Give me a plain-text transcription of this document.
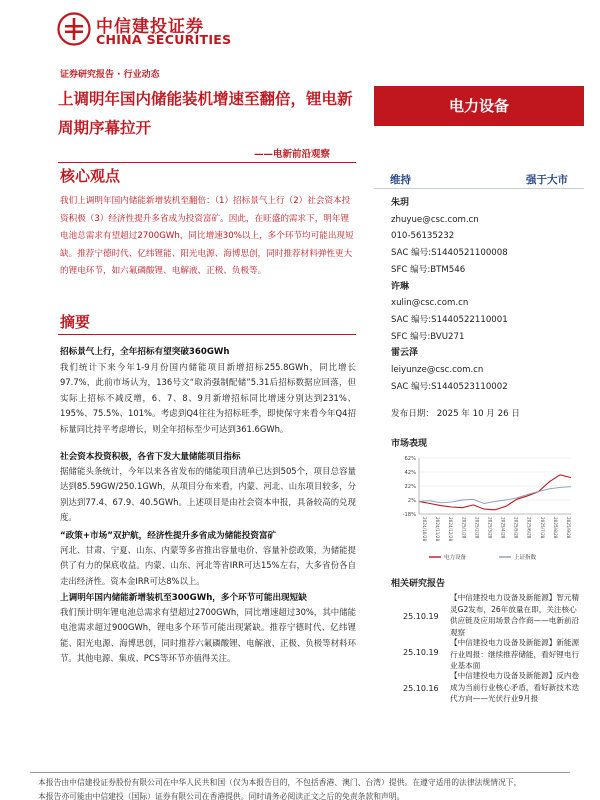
中信建投证券
CHINA SECURITIES
证券研究报告 · 行业动态
上调明年国内储能装机增速至翻倍，锂电新周期序幕拉开
——电新前沿观察
核心观点
我们上调明年国内储能新增装机至翻倍：（1）招标景气上行（2）社会资本投资积极（3）经济性提升多省成为投资富矿。因此，在旺盛的需求下，明年锂电池总需求有望超过2700GWh，同比增速30%以上，多个环节均可能出现短缺。推荐宁德时代、亿纬锂能、阳光电源、海博思创，同时推荐材料弹性更大的锂电环节，如六氟磷酸锂、电解液、正极、负极等。
摘要
招标景气上行，全年招标有望突破360GWh
我们统计下来今年1-9月份国内储能项目新增招标255.8GWh，同比增长97.7%，此前市场认为，136号文“取消强制配储”5.31后招标数据应回落，但实际上招标不减反增，6、7、8、9月新增招标同比增速分别达到231%、195%、75.5%、101%。考虑到Q4往往为招标旺季，即使保守来看今年Q4招标量同比持平考虑增长，则全年招标至少可达到361.6GWh。
社会资本投资积极，各省下发大量储能项目指标
据储能头条统计，今年以来各省发布的储能项目清单已达到505个，项目总容量达到85.59GW/250.1GWh，从项目分布来看，内蒙、河北、山东项目较多，分别达到77.4、67.9、40.5GWh。上述项目是由社会资本申报，具备较高的兑现度。
“政策+市场”双护航，经济性提升多省成为储能投资富矿
河北、甘肃、宁夏、山东、内蒙等多省推出容量电价、容量补偿政策，为储能提供了有力的保底收益。内蒙、山东、河北等省IRR可达15%左右，大多省份各自走出经济性。资本金IRR可达8%以上。
上调明年国内储能新增装机至300GWh，多个环节可能出现短缺
我们预计明年锂电池总需求有望超过2700GWh，同比增速超过30%，其中储能电池需求超过900GWh，锂电多个环节可能出现紧缺。推荐宁德时代、亿纬锂能、阳光电源、海博思创，同时推荐六氟磷酸锂、电解液、正极、负极等材料环节。其他电源、集成、PCS等环节亦值得关注。
电力设备
维持	强于大市
朱玥
zhuyue@csc.com.cn
010-56135232
SAC 编号:S1440521100008
SFC 编号:BTM546
许琳
xulin@csc.com.cn
SAC 编号:S1440522110001
SFC 编号:BVU271
雷云泽
leiyunze@csc.com.cn
SAC 编号:S1440523110002
发布日期： 2025 年 10 月 26 日
市场表现
62%
42%
22%
2%
-18%
2024/10/28 2024/11/28 2024/12/28 2025/1/28 2025/2/28 2025/3/28 2025/4/28 2025/5/28 2025/6/28 2025/7/28 2025/8/28 2025/9/28
电力设备	上证指数
相关研究报告
25.10.19
【中信建投电力设备及新能源】智元精灵G2发布，26年放量在即，关注核心供应链及应用场景合作商——电新前沿观察
25.10.19
【中信建投电力设备及新能源】新能源行业周报：继续推荐储能，看好锂电行业基本面
25.10.16
【中信建投电力设备及新能源】反内卷成为当前行业核心矛盾，看好新技术迭代方向——光伏行业9月报
本报告由中信建投证券股份有限公司在中华人民共和国（仅为本报告目的，不包括香港、澳门、台湾）提供。在遵守适用的法律法规情况下，
本报告亦可能由中信建投（国际）证券有限公司在香港提供。同时请务必阅读正文之后的免责条款和声明。
